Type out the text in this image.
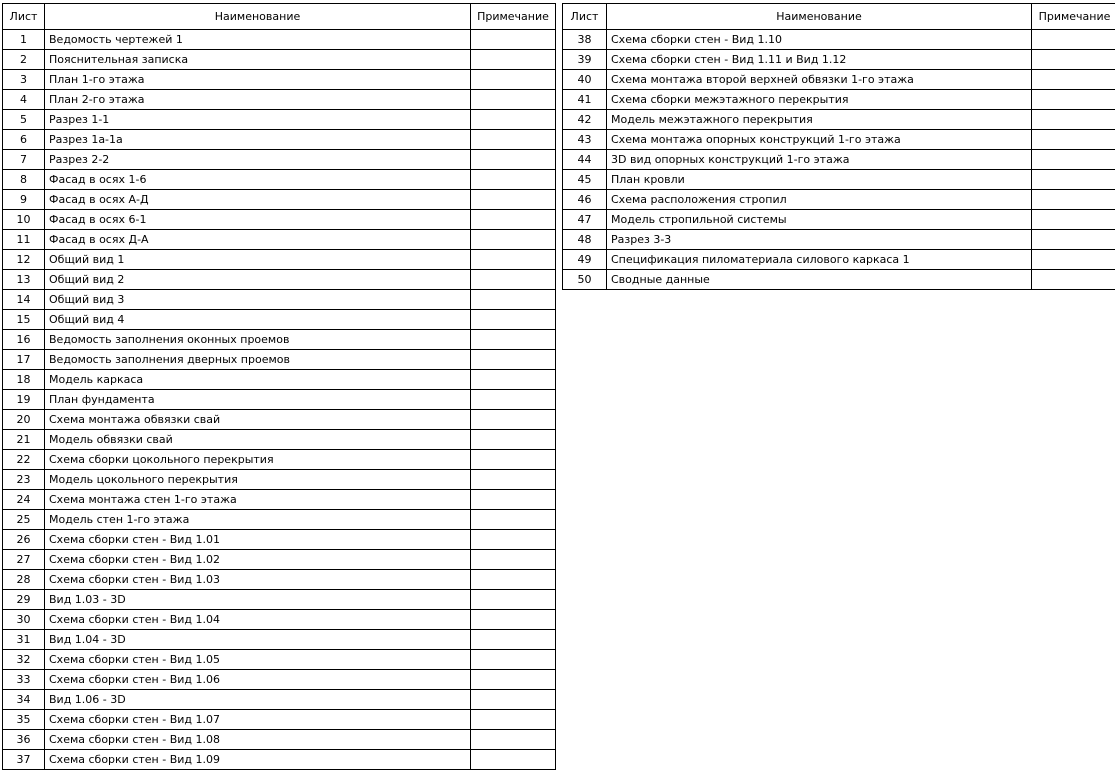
Лист	Наименование	Примечание
1	Ведомость чертежей 1	
2	Пояснительная записка	
3	План 1-го этажа	
4	План 2-го этажа	
5	Разрез 1-1	
6	Разрез 1а-1а	
7	Разрез 2-2	
8	Фасад в осях 1-6	
9	Фасад в осях А-Д	
10	Фасад в осях 6-1	
11	Фасад в осях Д-А	
12	Общий вид 1	
13	Общий вид 2	
14	Общий вид 3	
15	Общий вид 4	
16	Ведомость заполнения оконных проемов	
17	Ведомость заполнения дверных проемов	
18	Модель каркаса	
19	План фундамента	
20	Схема монтажа обвязки свай	
21	Модель обвязки свай	
22	Схема сборки цокольного перекрытия	
23	Модель цокольного перекрытия	
24	Схема монтажа стен 1-го этажа	
25	Модель стен 1-го этажа	
26	Схема сборки стен - Вид 1.01	
27	Схема сборки стен - Вид 1.02	
28	Схема сборки стен - Вид 1.03	
29	Вид 1.03 - 3D	
30	Схема сборки стен - Вид 1.04	
31	Вид 1.04 - 3D	
32	Схема сборки стен - Вид 1.05	
33	Схема сборки стен - Вид 1.06	
34	Вид 1.06 - 3D	
35	Схема сборки стен - Вид 1.07	
36	Схема сборки стен - Вид 1.08	
37	Схема сборки стен - Вид 1.09	
Лист	Наименование	Примечание
38	Схема сборки стен - Вид 1.10	
39	Схема сборки стен - Вид 1.11 и Вид 1.12	
40	Схема монтажа второй верхней обвязки 1-го этажа	
41	Схема сборки межэтажного перекрытия	
42	Модель межэтажного перекрытия	
43	Схема монтажа опорных конструкций 1-го этажа	
44	3D вид опорных конструкций 1-го этажа	
45	План кровли	
46	Схема расположения стропил	
47	Модель стропильной системы	
48	Разрез 3-3	
49	Спецификация пиломатериала силового каркаса 1	
50	Сводные данные	
